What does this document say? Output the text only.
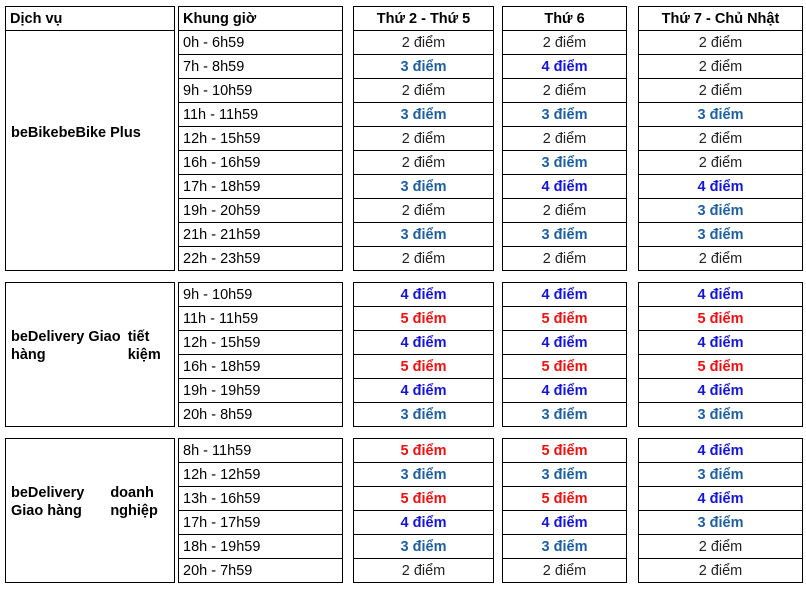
Dịch vụ	Khung giờ	Thứ 2 - Thứ 5	Thứ 6	Thứ 7 - Chủ Nhật
beBike beBike Plus
0h - 6h59	2 điểm	2 điểm	2 điểm
7h - 8h59	3 điểm	4 điểm	2 điểm
9h - 10h59	2 điểm	2 điểm	2 điểm
11h - 11h59	3 điểm	3 điểm	3 điểm
12h - 15h59	2 điểm	2 điểm	2 điểm
16h - 16h59	2 điểm	3 điểm	2 điểm
17h - 18h59	3 điểm	4 điểm	4 điểm
19h - 20h59	2 điểm	2 điểm	3 điểm
21h - 21h59	3 điểm	3 điểm	3 điểm
22h - 23h59	2 điểm	2 điểm	2 điểm
beDelivery Giao hàng
tiết kiệm
9h - 10h59	4 điểm	4 điểm	4 điểm
11h - 11h59	5 điểm	5 điểm	5 điểm
12h - 15h59	4 điểm	4 điểm	4 điểm
16h - 18h59	5 điểm	5 điểm	5 điểm
19h - 19h59	4 điểm	4 điểm	4 điểm
20h - 8h59	3 điểm	3 điểm	3 điểm
beDelivery Giao hàng
doanh nghiệp
8h - 11h59	5 điểm	5 điểm	4 điểm
12h - 12h59	3 điểm	3 điểm	3 điểm
13h - 16h59	5 điểm	5 điểm	4 điểm
17h - 17h59	4 điểm	4 điểm	3 điểm
18h - 19h59	3 điểm	3 điểm	2 điểm
20h - 7h59	2 điểm	2 điểm	2 điểm
